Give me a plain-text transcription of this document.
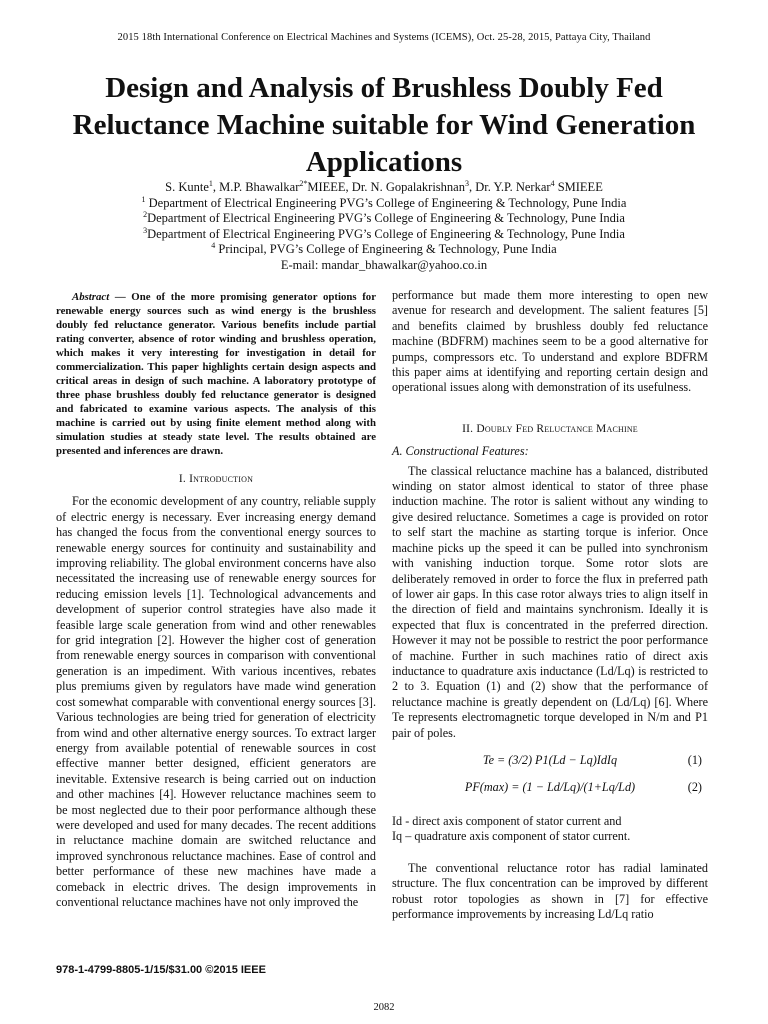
2015 18th International Conference on Electrical Machines and Systems (ICEMS), Oct. 25-28, 2015, Pattaya City, Thailand
Design and Analysis of Brushless Doubly Fed Reluctance Machine suitable for Wind Generation Applications
S. Kunte$^1$, M.P. Bhawalkar$^{2*}$MIEEE, Dr. N. Gopalakrishnan$^3$, Dr. Y.P. Nerkar$^4$ SMIEEE
$^1$ Department of Electrical Engineering PVG’s College of Engineering & Technology, Pune India
$^2$Department of Electrical Engineering PVG’s College of Engineering & Technology, Pune India
$^3$Department of Electrical Engineering PVG’s College of Engineering & Technology, Pune India
$^4$ Principal, PVG’s College of Engineering & Technology, Pune India
E-mail: mandar_bhawalkar@yahoo.co.in

Abstract — One of the more promising generator options for renewable energy sources such as wind energy is the brushless doubly fed reluctance generator. Various benefits include partial rating converter, absence of rotor winding and brushless operation, which makes it very interesting for investigation in detail for commercialization. This paper highlights certain design aspects and critical areas in design of such machine. A laboratory prototype of three phase brushless doubly fed reluctance generator is designed and fabricated to examine various aspects. The analysis of this machine is carried out by using finite element method along with simulation studies at steady state level. The results obtained are presented and inferences are drawn.

I. Introduction

For the economic development of any country, reliable supply of electric energy is necessary. Ever increasing energy demand has changed the focus from the conventional energy sources to renewable energy sources for continuity and sustainability and improving reliability. The global environment concerns have also necessitated the increasing use of renewable energy sources for reducing emission levels [1]. Technological advancements and development of superior control strategies have also made it feasible large scale generation from wind and other renewables for grid integration [2]. However the higher cost of generation from renewable energy sources in comparison with conventional generation is an impediment. With various incentives, rebates plus premiums given by regulators have made wind generation cost somewhat comparable with conventional energy sources [3]. Various technologies are being tried for generation of electricity from wind and other alternative energy sources. To extract larger energy from available potential of renewable sources in cost effective manner better designed, efficient generators are inevitable. Extensive research is being carried out on induction and other machines [4]. However reluctance machines seem to be most neglected due to their poor performance although these were developed and used for many decades. The recent additions in reluctance machine domain are switched reluctance and improved synchronous reluctance machines. Ease of control and better performance of these new machines have made a comeback in electric drives. The design improvements in conventional reluctance machines have not only improved the

performance but made them more interesting to open new avenue for research and development. The salient features [5] and benefits claimed by brushless doubly fed reluctance machine (BDFRM) machines seem to be a good alternative for pumps, compressors etc. To understand and explore BDFRM this paper aims at identifying and reporting certain design and operational issues along with demonstration of its usefulness.

II. Doubly Fed Reluctance Machine
A. Constructional Features:

The classical reluctance machine has a balanced, distributed winding on stator almost identical to stator of three phase induction machine. The rotor is salient without any winding to give desired reluctance. Sometimes a cage is provided on rotor to self start the machine as starting torque is inferior. Once machine picks up the speed it can be pulled into synchronism with vanishing induction torque. Some rotor slots are deliberately removed in order to force the flux in preferred path of lower air gaps. In this case rotor always tries to align itself in the direction of field and maintains synchronism. Ideally it is expected that flux is concentrated in the preferred direction. However it may not be possible to restrict the poor performance of machine. Further in such machines ratio of direct axis inductance to quadrature axis inductance (Ld/Lq) is restricted to 2 to 3. Equation (1) and (2) show that the performance of reluctance machine is greatly dependent on (Ld/Lq) [6]. Where Te represents electromagnetic torque developed in N/m and P1 pair of poles.

Te = (3/2) P1(Ld − Lq)IdIq	(1)
PF(max) = (1 − Ld/Lq)/(1+Lq/Ld)	(2)
Id - direct axis component of stator current and
Iq – quadrature axis component of stator current.

The conventional reluctance rotor has radial laminated structure. The flux concentration can be improved by different robust rotor topologies as shown in [7] for effective performance improvements by increasing Ld/Lq ratio

978-1-4799-8805-1/15/$31.00 ©2015 IEEE
2082
